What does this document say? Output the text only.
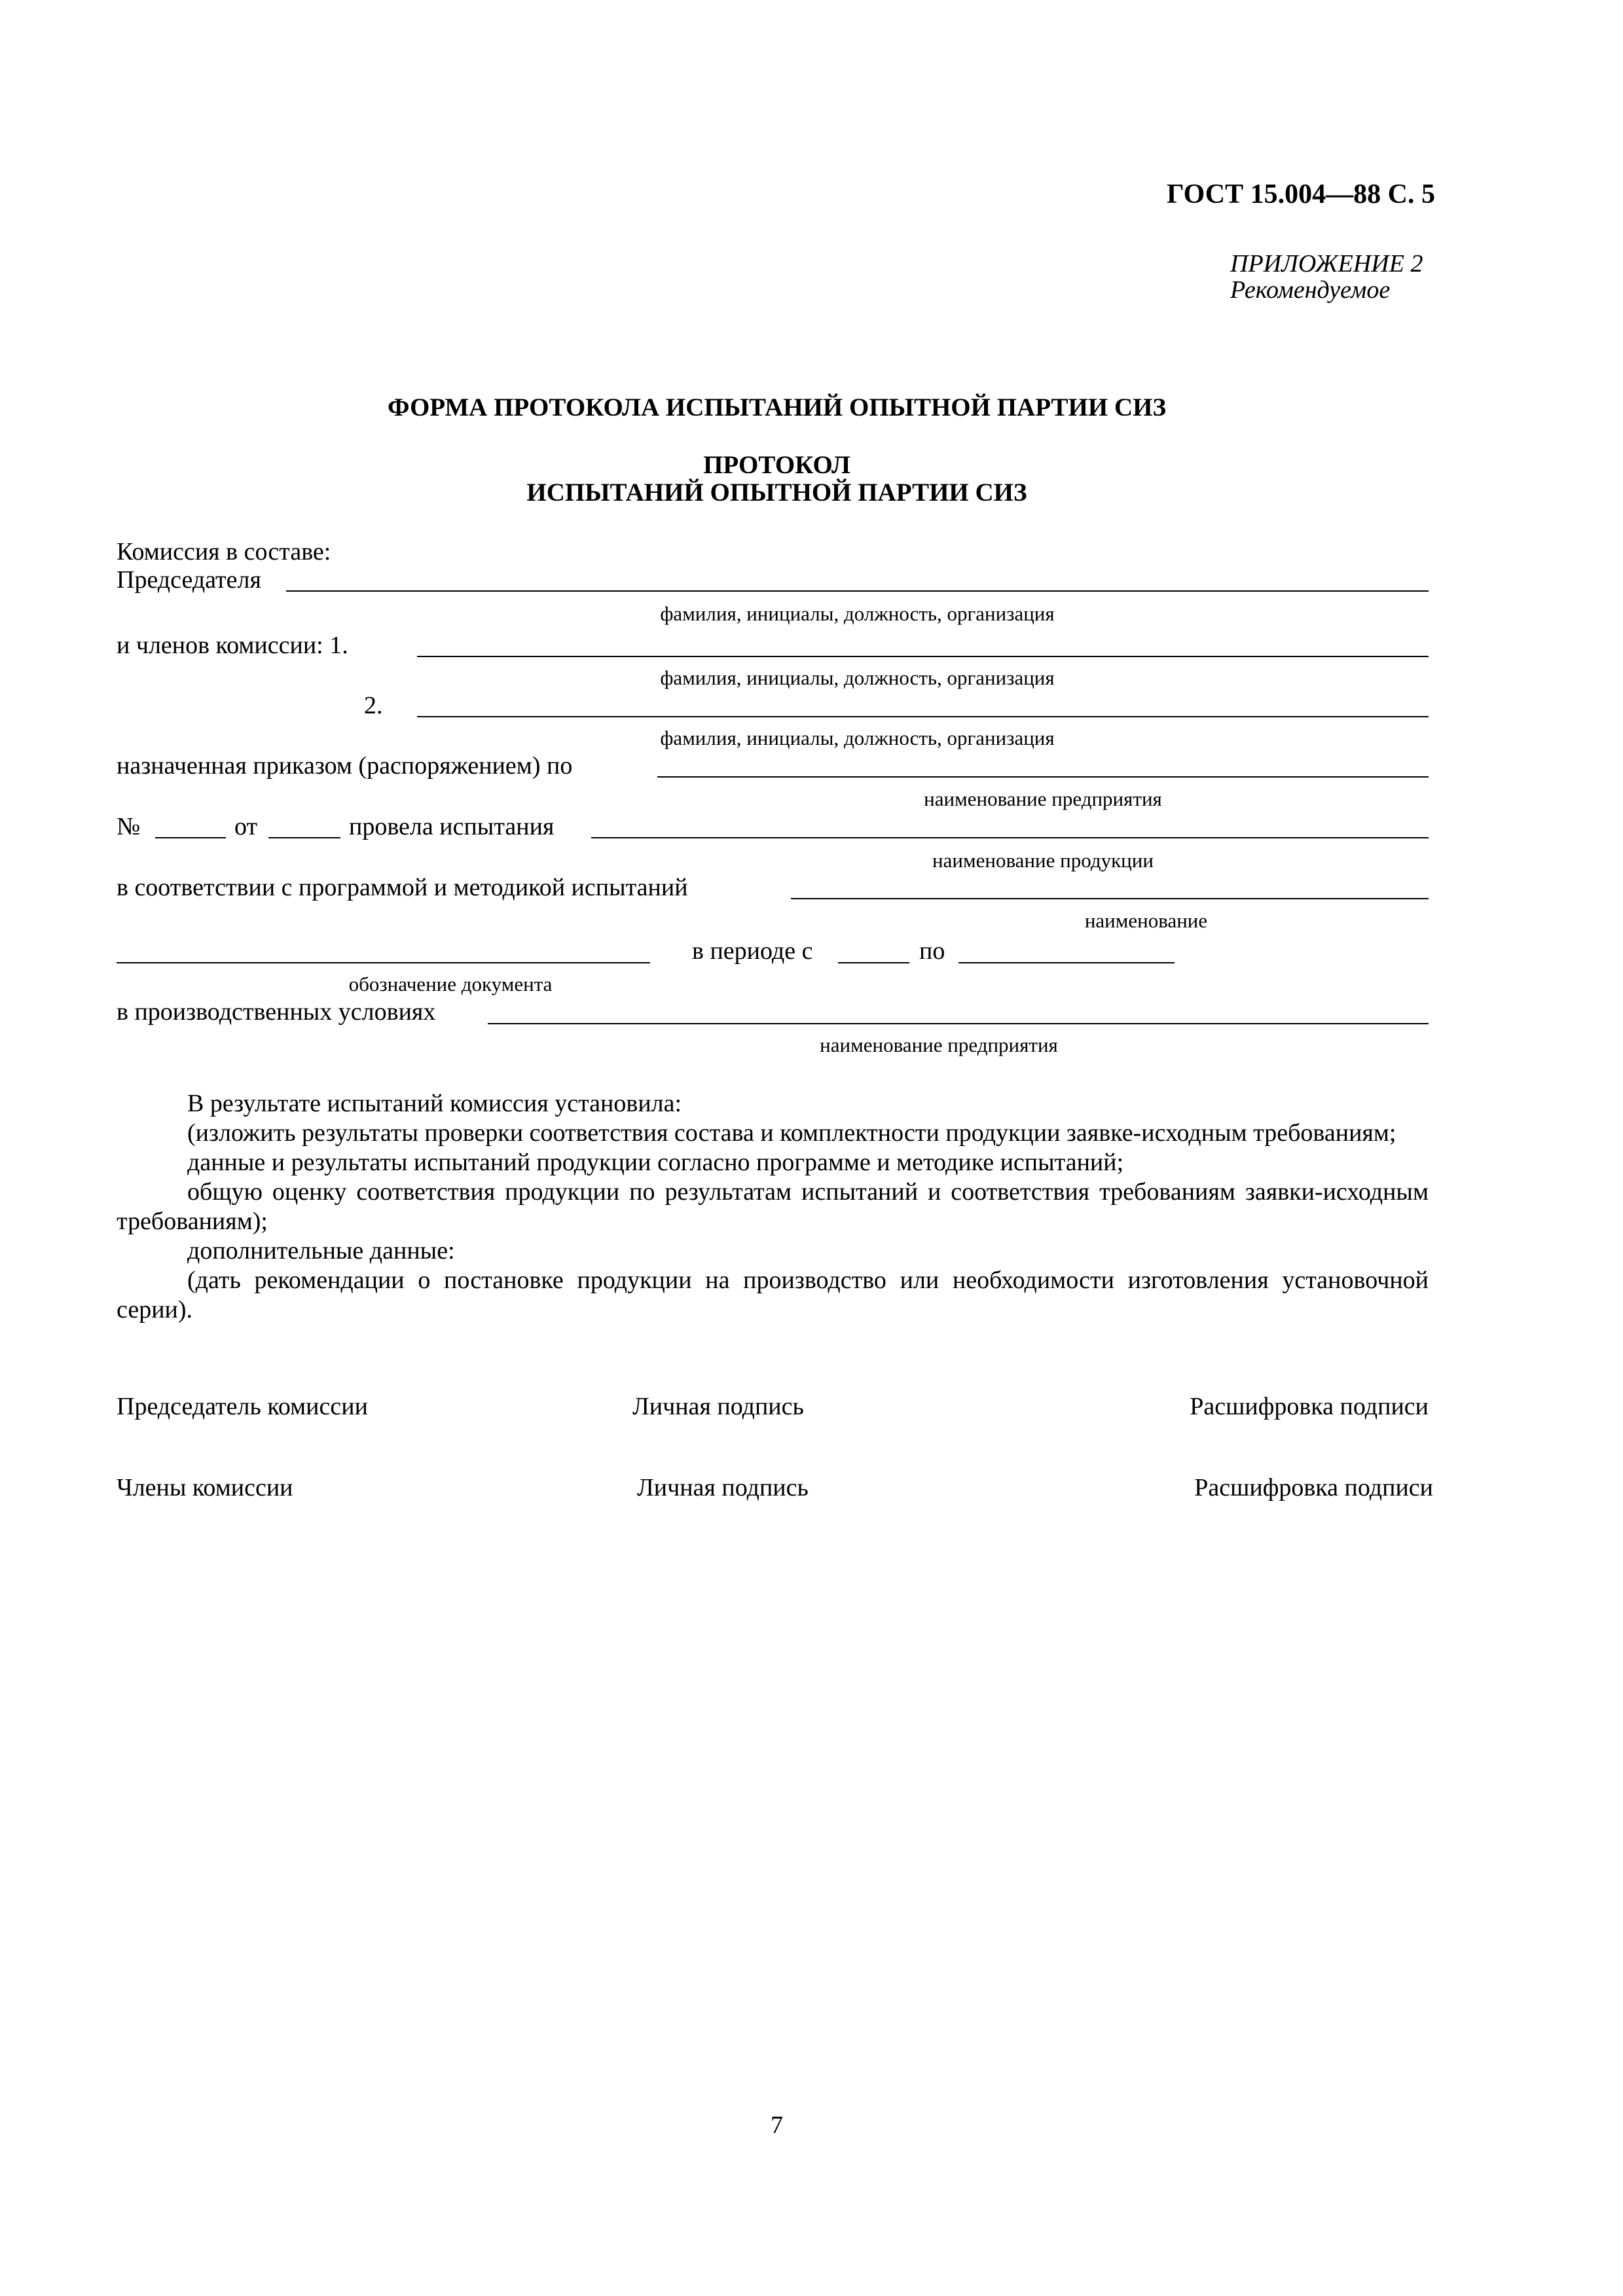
ГОСТ 15.004—88 С. 5
ПРИЛОЖЕНИЕ 2
Рекомендуемое
ФОРМА ПРОТОКОЛА ИСПЫТАНИЙ ОПЫТНОЙ ПАРТИИ СИЗ
ПРОТОКОЛ
ИСПЫТАНИЙ ОПЫТНОЙ ПАРТИИ СИЗ
Комиссия в составе:
Председателя
фамилия, инициалы, должность, организация
и членов комиссии: 1.
фамилия, инициалы, должность, организация
2.
фамилия, инициалы, должность, организация
назначенная приказом (распоряжением) по
наименование предприятия
№	от	провела испытания
наименование продукции
в соответствии с программой и методикой испытаний
наименование
в периоде с	по
обозначение документа
в производственных условиях
наименование предприятия

В результате испытаний комиссия установила:

(изложить результаты проверки соответствия состава и комплектности продукции заявке-исходным требованиям;

данные и результаты испытаний продукции согласно программе и методике испытаний;

общую оценку соответствия продукции по результатам испытаний и соответствия требованиям заявки-исходным требованиям);

дополнительные данные:

(дать рекомендации о постановке продукции на производство или необходимости изготовления установочной серии).

Председатель комиссии	Личная подпись	Расшифровка подписи
Члены комиссии	Личная подпись	Расшифровка подписи
7
